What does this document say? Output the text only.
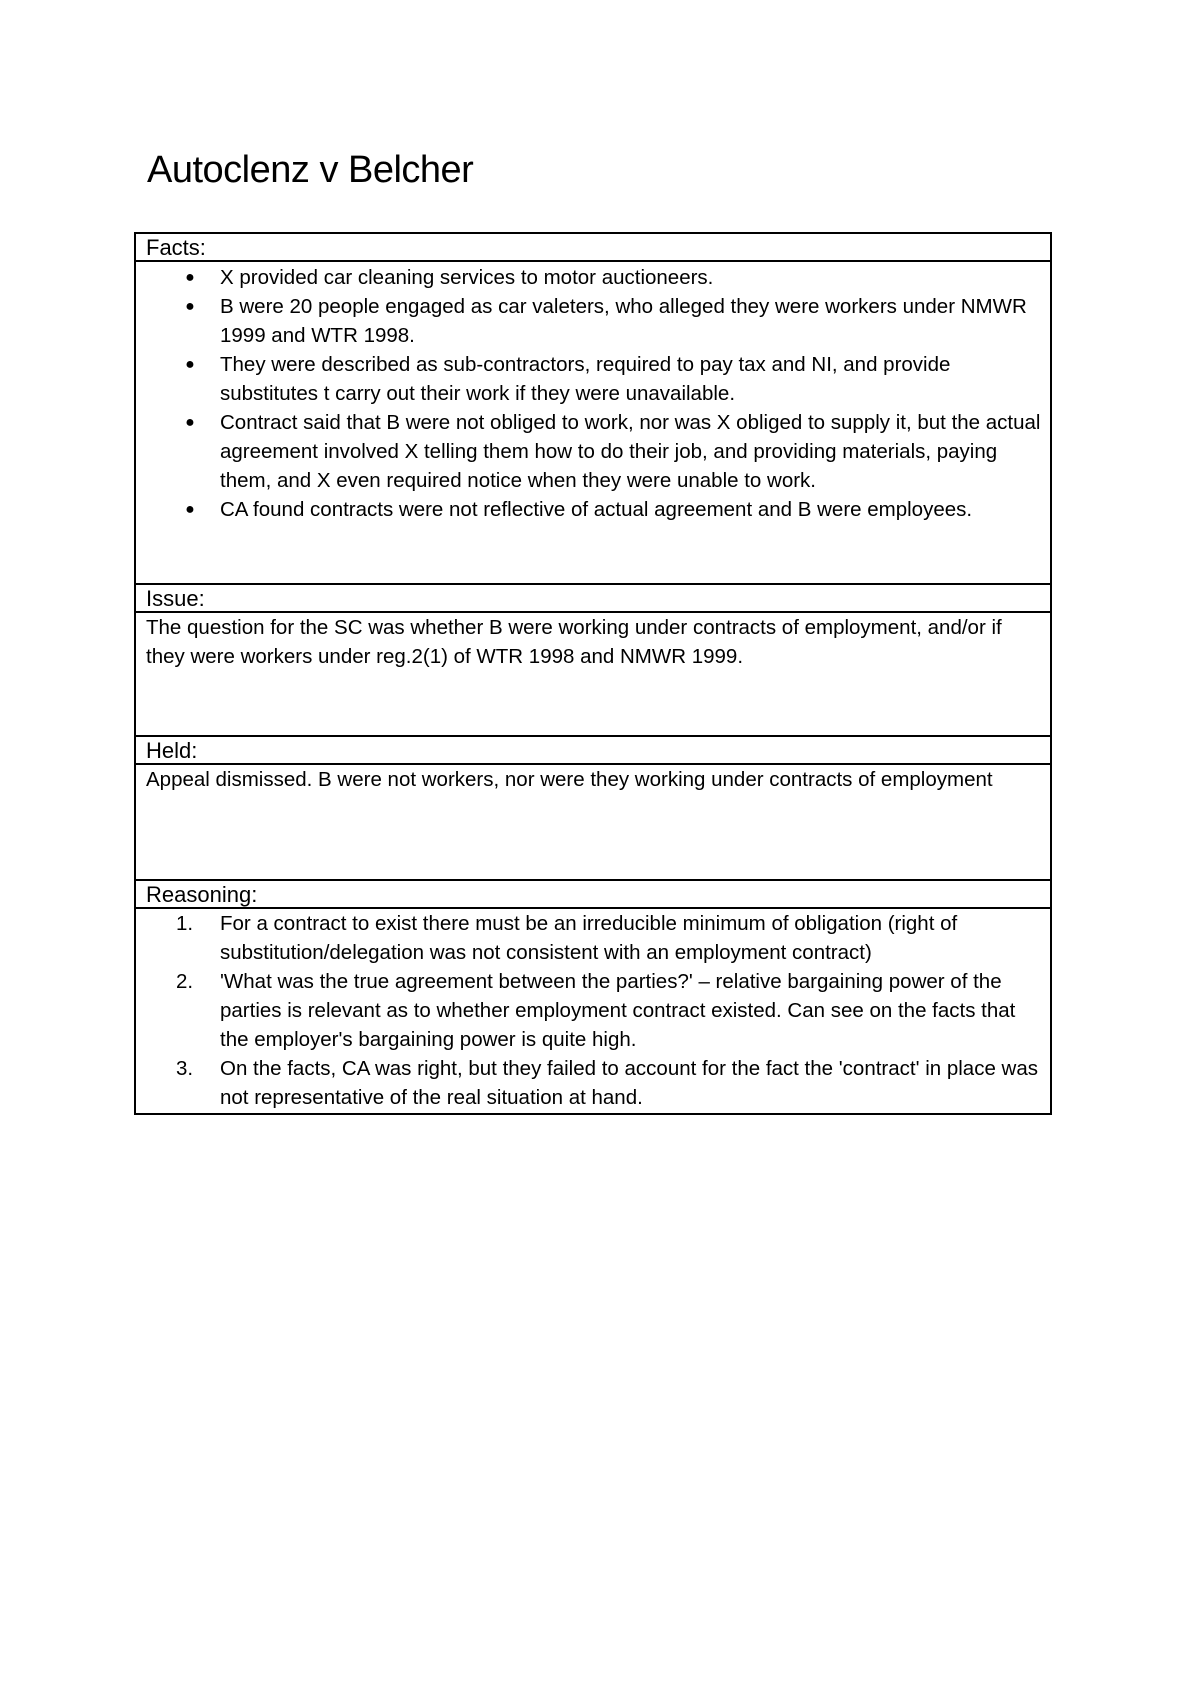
Autoclenz v Belcher
Facts:
● X provided car cleaning services to motor auctioneers.
● B were 20 people engaged as car valeters, who alleged they were workers under NMWR 1999 and WTR 1998.
● They were described as sub-contractors, required to pay tax and NI, and provide substitutes t carry out their work if they were unavailable.
● Contract said that B were not obliged to work, nor was X obliged to supply it, but the actual agreement involved X telling them how to do their job, and providing materials, paying them, and X even required notice when they were unable to work.
● CA found contracts were not reflective of actual agreement and B were employees.
Issue:

The question for the SC was whether B were working under contracts of employment, and/or if they were workers under reg.2(1) of WTR 1998 and NMWR 1999.

Held:

Appeal dismissed. B were not workers, nor were they working under contracts of employment

Reasoning:
1.	For a contract to exist there must be an irreducible minimum of obligation (right of substitution/delegation was not consistent with an employment contract)
2.	'What was the true agreement between the parties?' – relative bargaining power of the parties is relevant as to whether employment contract existed. Can see on the facts that the employer's bargaining power is quite high.
3.	On the facts, CA was right, but they failed to account for the fact the 'contract' in place was not representative of the real situation at hand.
